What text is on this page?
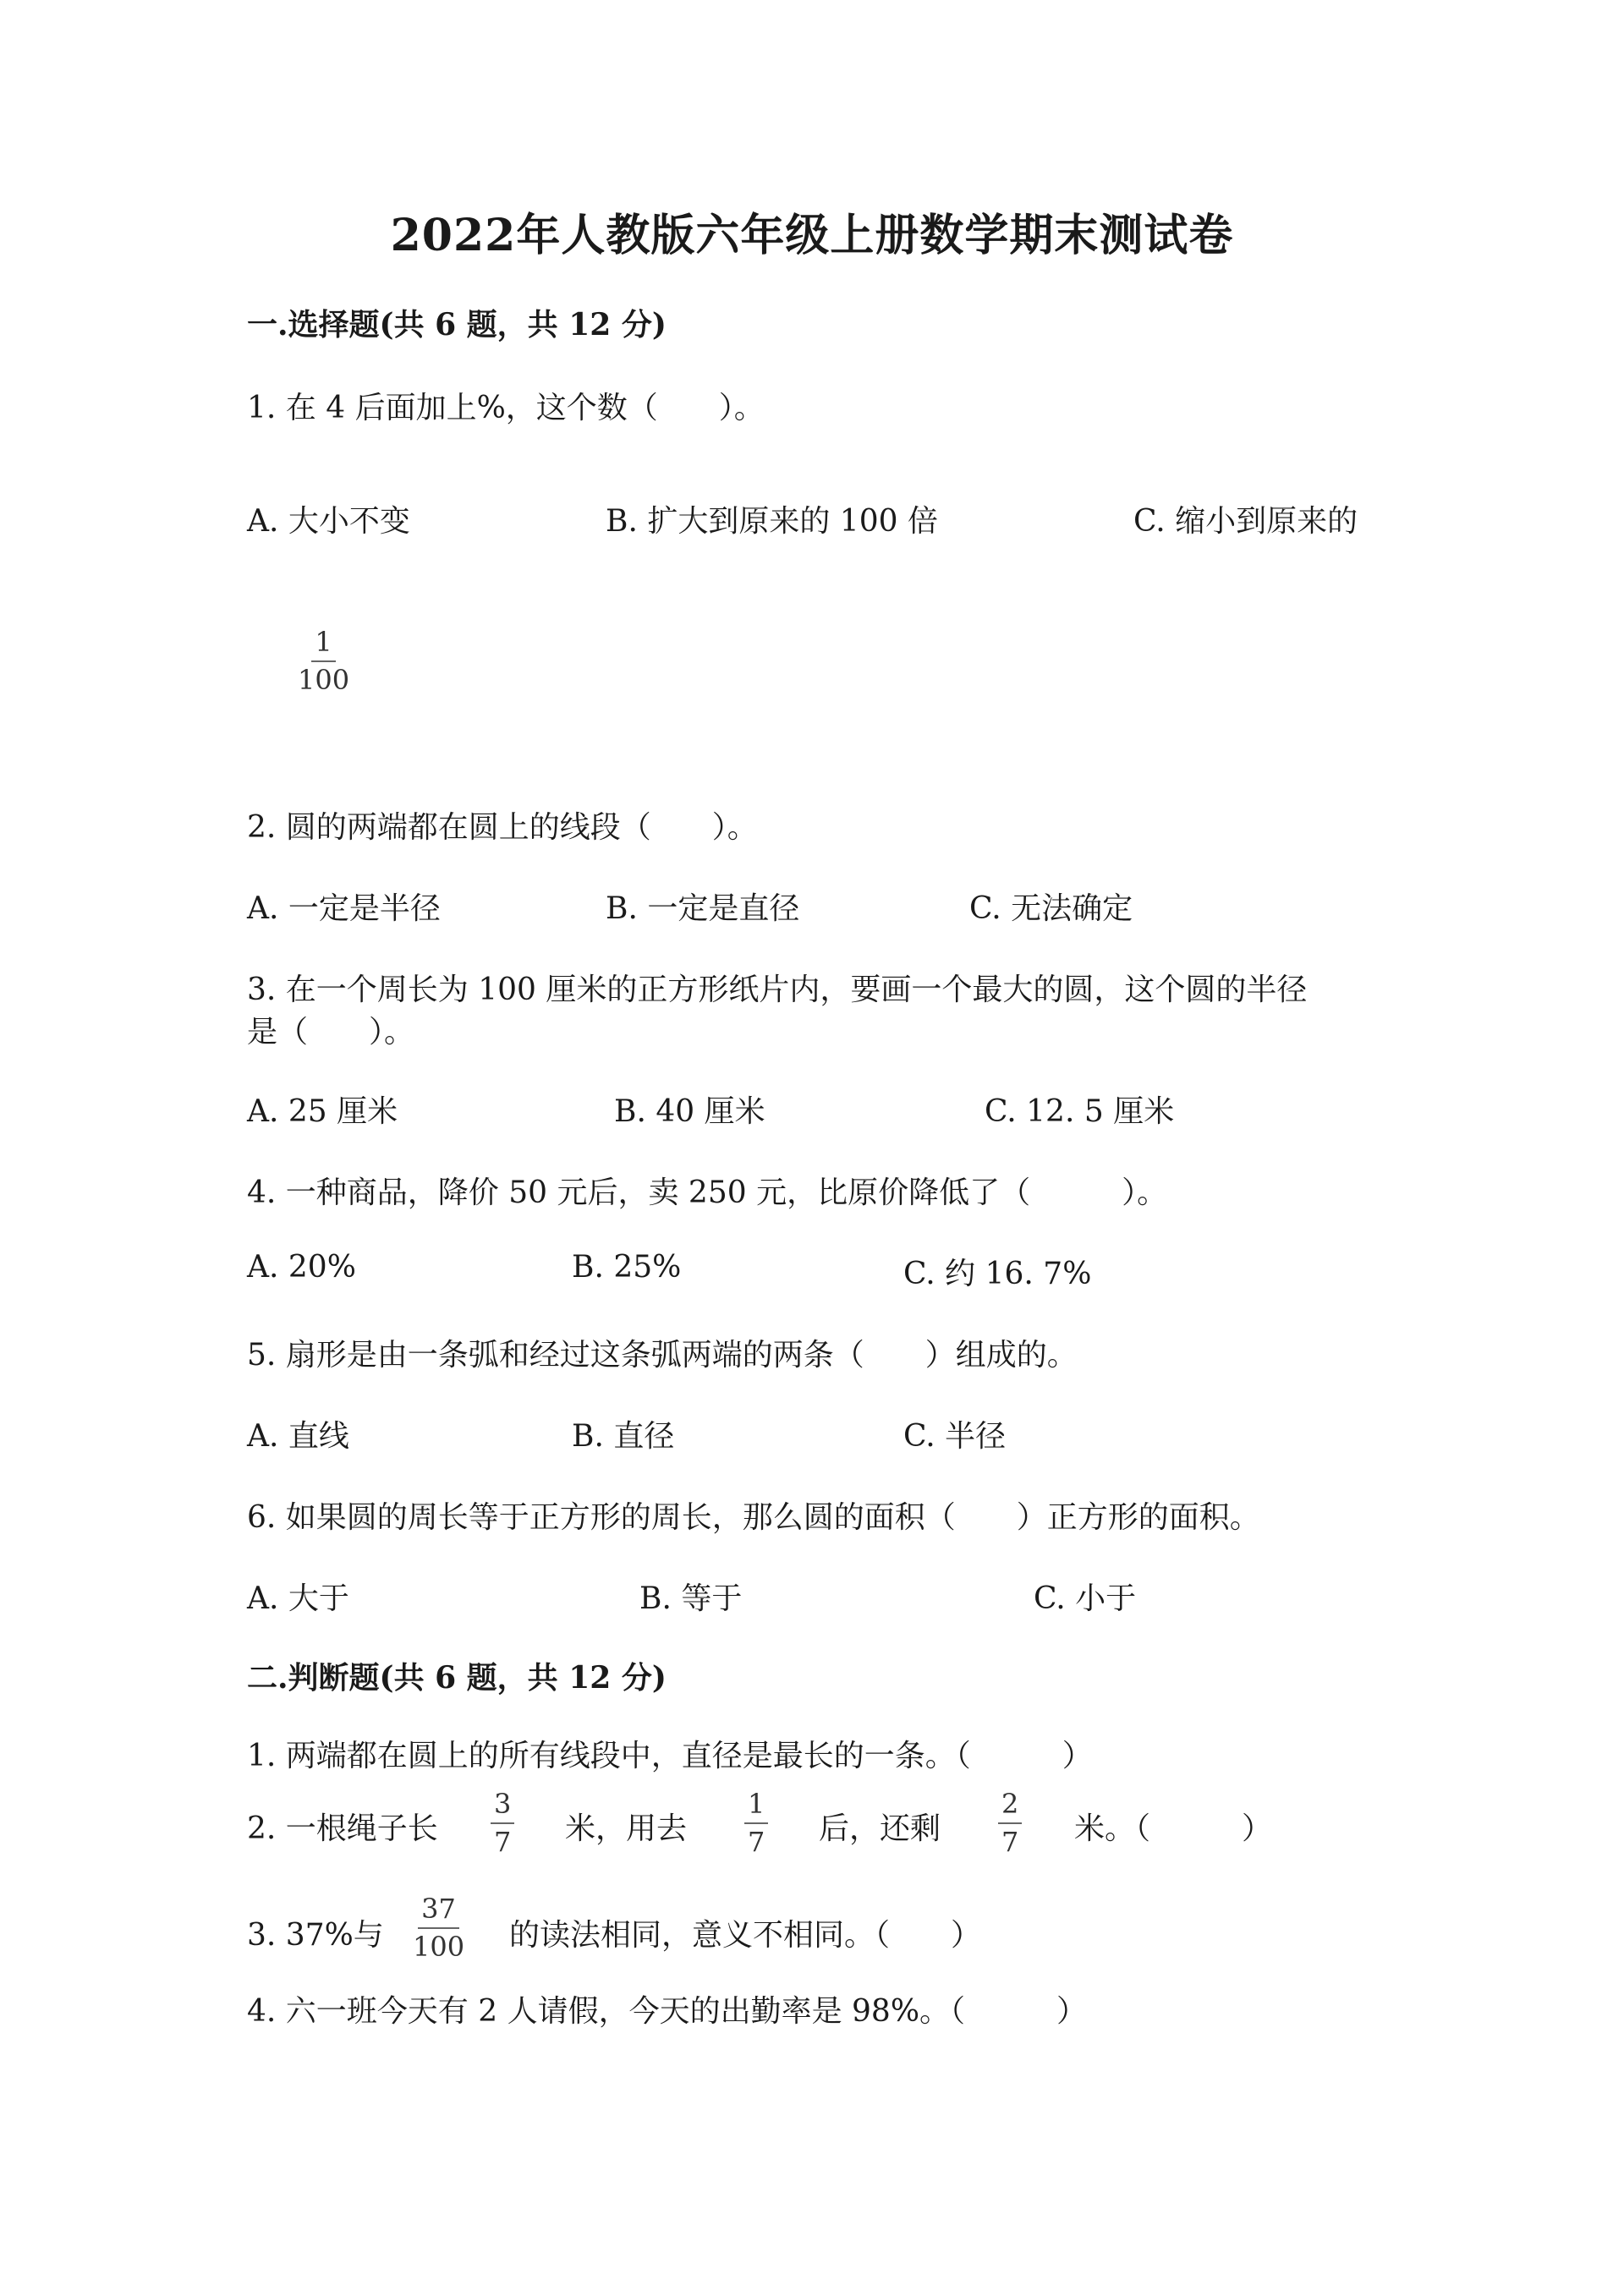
2022年人教版六年级上册数学期末测试卷
一.选择题(共 6 题，共 12 分)
1. 在 4 后面加上%，这个数（　　）。
A. 大小不变	B. 扩大到原来的 100 倍	C. 缩小到原来的
$\frac{1}{100}$
2. 圆的两端都在圆上的线段（　　）。
A. 一定是半径	B. 一定是直径	C. 无法确定
3. 在一个周长为 100 厘米的正方形纸片内，要画一个最大的圆，这个圆的半径
是（　　）。
A. 25 厘米	B. 40 厘米	C. 12. 5 厘米
4. 一种商品，降价 50 元后，卖 250 元，比原价降低了（　　　）。
A. 20%	B. 25%	C. 约 16. 7%
5. 扇形是由一条弧和经过这条弧两端的两条（　　）组成的。
A. 直线	B. 直径	C. 半径
6. 如果圆的周长等于正方形的周长，那么圆的面积（　　）正方形的面积。
A. 大于	B. 等于	C. 小于
二.判断题(共 6 题，共 12 分)
1. 两端都在圆上的所有线段中，直径是最长的一条。（　　　）
2. 一根绳子长 $\frac{3}{7}$ 米，用去 $\frac{1}{7}$ 后，还剩 $\frac{2}{7}$ 米。（　　　）
3. 37%与 $\frac{37}{100}$ 的读法相同，意义不相同。（　　）
4. 六一班今天有 2 人请假，今天的出勤率是 98%。（　　　）
